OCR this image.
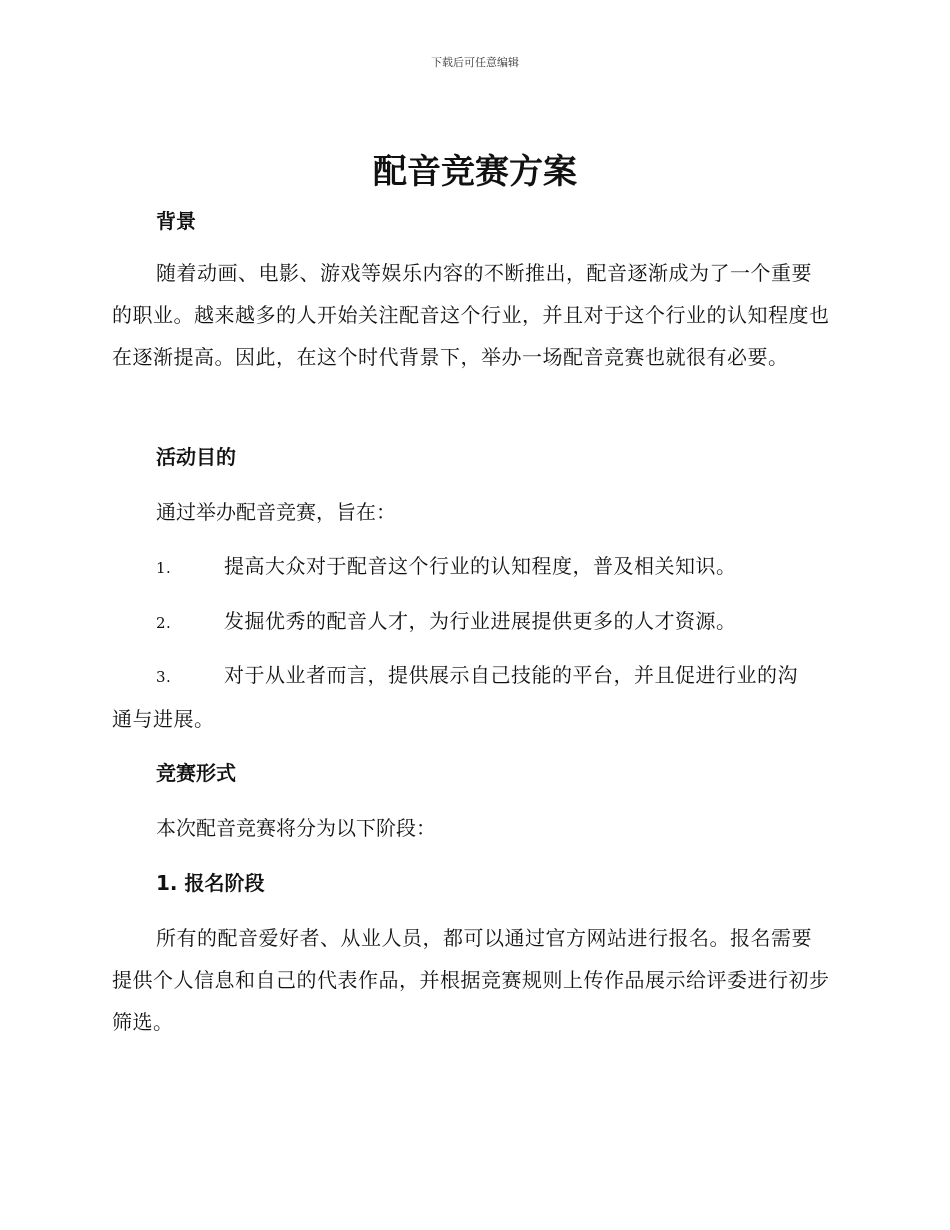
下载后可任意编辑
配音竞赛方案
背景

随着动画、电影、游戏等娱乐内容的不断推出，配音逐渐成为了一个重要的职业。越来越多的人开始关注配音这个行业，并且对于这个行业的认知程度也在逐渐提高。因此，在这个时代背景下，举办一场配音竞赛也就很有必要。

活动目的
通过举办配音竞赛，旨在：
1.	提高大众对于配音这个行业的认知程度，普及相关知识。
2.	发掘优秀的配音人才，为行业进展提供更多的人才资源。
3.	对于从业者而言，提供展示自己技能的平台，并且促进行业的沟
通与进展。
竞赛形式
本次配音竞赛将分为以下阶段：
1. 报名阶段

所有的配音爱好者、从业人员，都可以通过官方网站进行报名。报名需要提供个人信息和自己的代表作品，并根据竞赛规则上传作品展示给评委进行初步筛选。
